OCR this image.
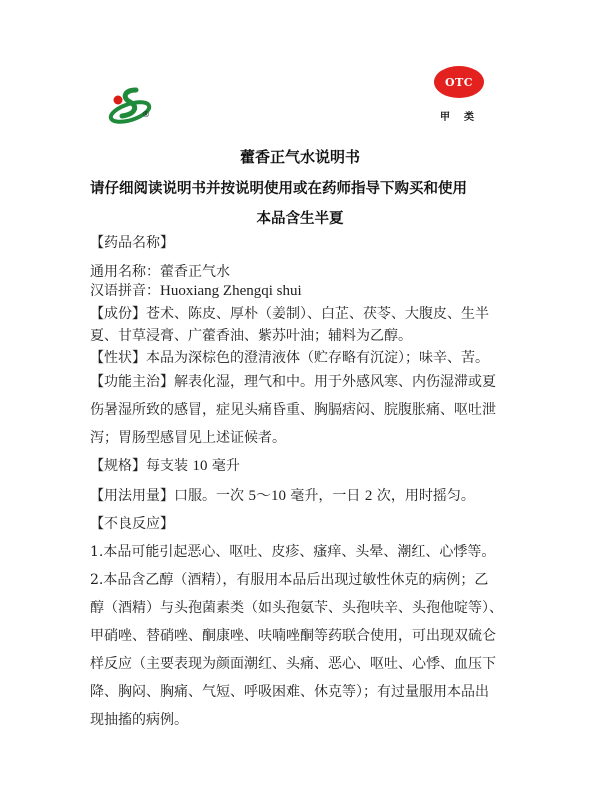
®
OTC
甲类
藿香正气水说明书
请仔细阅读说明书并按说明使用或在药师指导下购买和使用
本品含生半夏
【药品名称】
通用名称：藿香正气水
汉语拼音：Huoxiang Zhengqi shui
【成份】苍术、陈皮、厚朴（姜制）、白芷、茯苓、大腹皮、生半
夏、甘草浸膏、广藿香油、紫苏叶油；辅料为乙醇。
【性状】本品为深棕色的澄清液体（贮存略有沉淀）；味辛、苦。
【功能主治】解表化湿，理气和中。用于外感风寒、内伤湿滞或夏
伤暑湿所致的感冒，症见头痛昏重、胸膈痞闷、脘腹胀痛、呕吐泄
泻；胃肠型感冒见上述证候者。
【规格】每支装 10 毫升
【用法用量】口服。一次 5～10 毫升，一日 2 次，用时摇匀。
【不良反应】
1.本品可能引起恶心、呕吐、皮疹、瘙痒、头晕、潮红、心悸等。
2.本品含乙醇（酒精），有服用本品后出现过敏性休克的病例；乙
醇（酒精）与头孢菌素类（如头孢氨苄、头孢呋辛、头孢他啶等）、
甲硝唑、替硝唑、酮康唑、呋喃唑酮等药联合使用，可出现双硫仑
样反应（主要表现为颜面潮红、头痛、恶心、呕吐、心悸、血压下
降、胸闷、胸痛、气短、呼吸困难、休克等）；有过量服用本品出
现抽搐的病例。
